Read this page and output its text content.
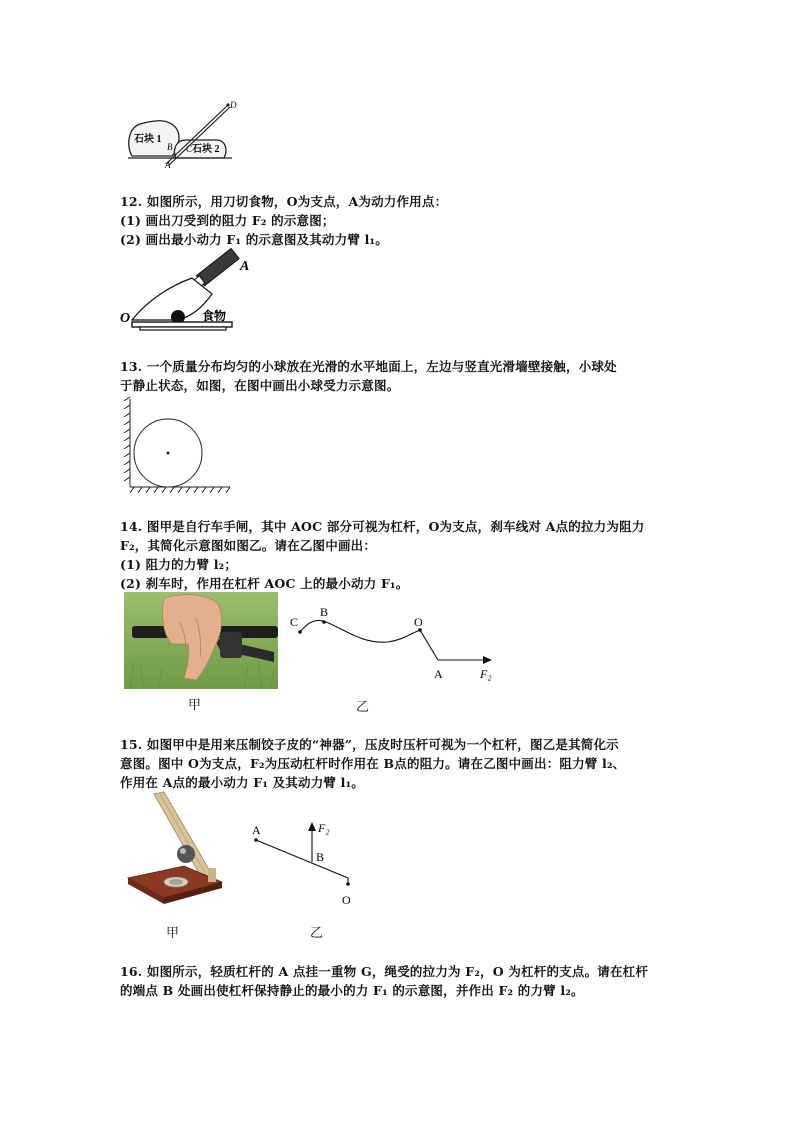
D
B
A
C
石块 1
石块 2
12. 如图所示，用刀切食物，O为支点，A为动力作用点：
(1) 画出刀受到的阻力 F₂ 的示意图；
(2) 画出最小动力 F₁ 的示意图及其动力臂 l₁。
A
O	食物
13. 一个质量分布均匀的小球放在光滑的水平地面上，左边与竖直光滑墙壁接触，小球处
于静止状态，如图，在图中画出小球受力示意图。
14. 图甲是自行车手闸，其中 AOC 部分可视为杠杆，O为支点，刹车线对 A点的拉力为阻力
F₂，其简化示意图如图乙。请在乙图中画出：
(1) 阻力的力臂 l₂；
(2) 刹车时，作用在杠杆 AOC 上的最小动力 F₁。
甲
C
B
O
A	F₂
乙
15. 如图甲中是用来压制饺子皮的“神器”，压皮时压杆可视为一个杠杆，图乙是其简化示
意图。图中 O为支点，F₂为压动杠杆时作用在 B点的阻力。请在乙图中画出：阻力臂 l₂、
作用在 A点的最小动力 F₁ 及其动力臂 l₁。
甲
A	F₂
B
O
乙
16. 如图所示，轻质杠杆的 A 点挂一重物 G，绳受的拉力为 F₂，O 为杠杆的支点。请在杠杆
的端点 B 处画出使杠杆保持静止的最小的力 F₁ 的示意图，并作出 F₂ 的力臂 l₂。
